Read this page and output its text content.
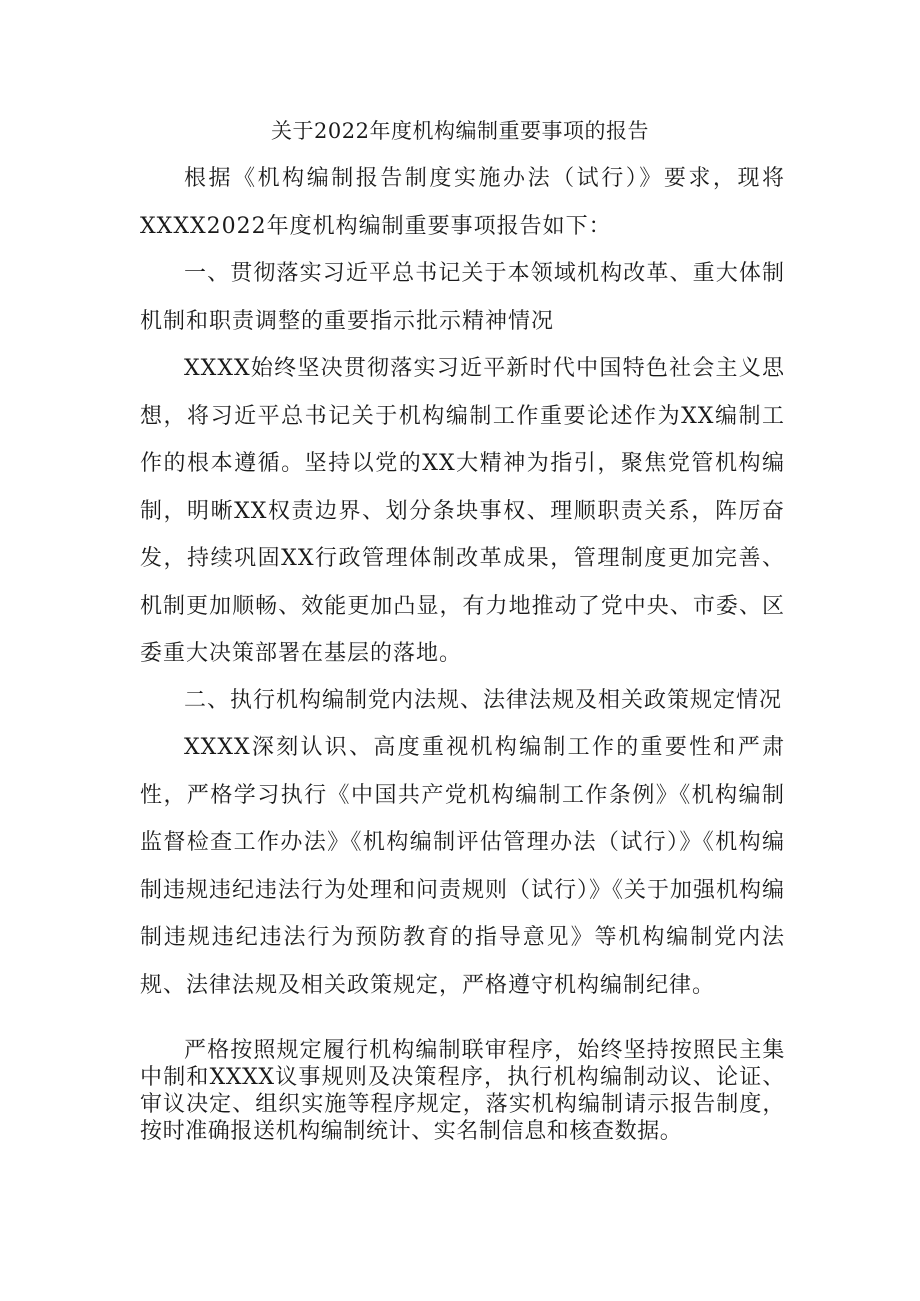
关于2022年度机构编制重要事项的报告

根据《机构编制报告制度实施办法（试行）》要求，现将XXXX2022年度机构编制重要事项报告如下：

一、贯彻落实习近平总书记关于本领域机构改革、重大体制机制和职责调整的重要指示批示精神情况

XXXX始终坚决贯彻落实习近平新时代中国特色社会主义思想，将习近平总书记关于机构编制工作重要论述作为XX编制工作的根本遵循。坚持以党的XX大精神为指引，聚焦党管机构编制，明晰XX权责边界、划分条块事权、理顺职责关系，阵厉奋发，持续巩固XX行政管理体制改革成果，管理制度更加完善、机制更加顺畅、效能更加凸显，有力地推动了党中央、市委、区委重大决策部署在基层的落地。

二、执行机构编制党内法规、法律法规及相关政策规定情况

XXXX深刻认识、高度重视机构编制工作的重要性和严肃性，严格学习执行《中国共产党机构编制工作条例》《机构编制监督检查工作办法》《机构编制评估管理办法（试行）》《机构编制违规违纪违法行为处理和问责规则（试行）》《关于加强机构编制违规违纪违法行为预防教育的指导意见》等机构编制党内法规、法律法规及相关政策规定，严格遵守机构编制纪律。

严格按照规定履行机构编制联审程序，始终坚持按照民主集中制和XXXX议事规则及决策程序，执行机构编制动议、论证、审议决定、组织实施等程序规定，落实机构编制请示报告制度，按时准确报送机构编制统计、实名制信息和核查数据。
